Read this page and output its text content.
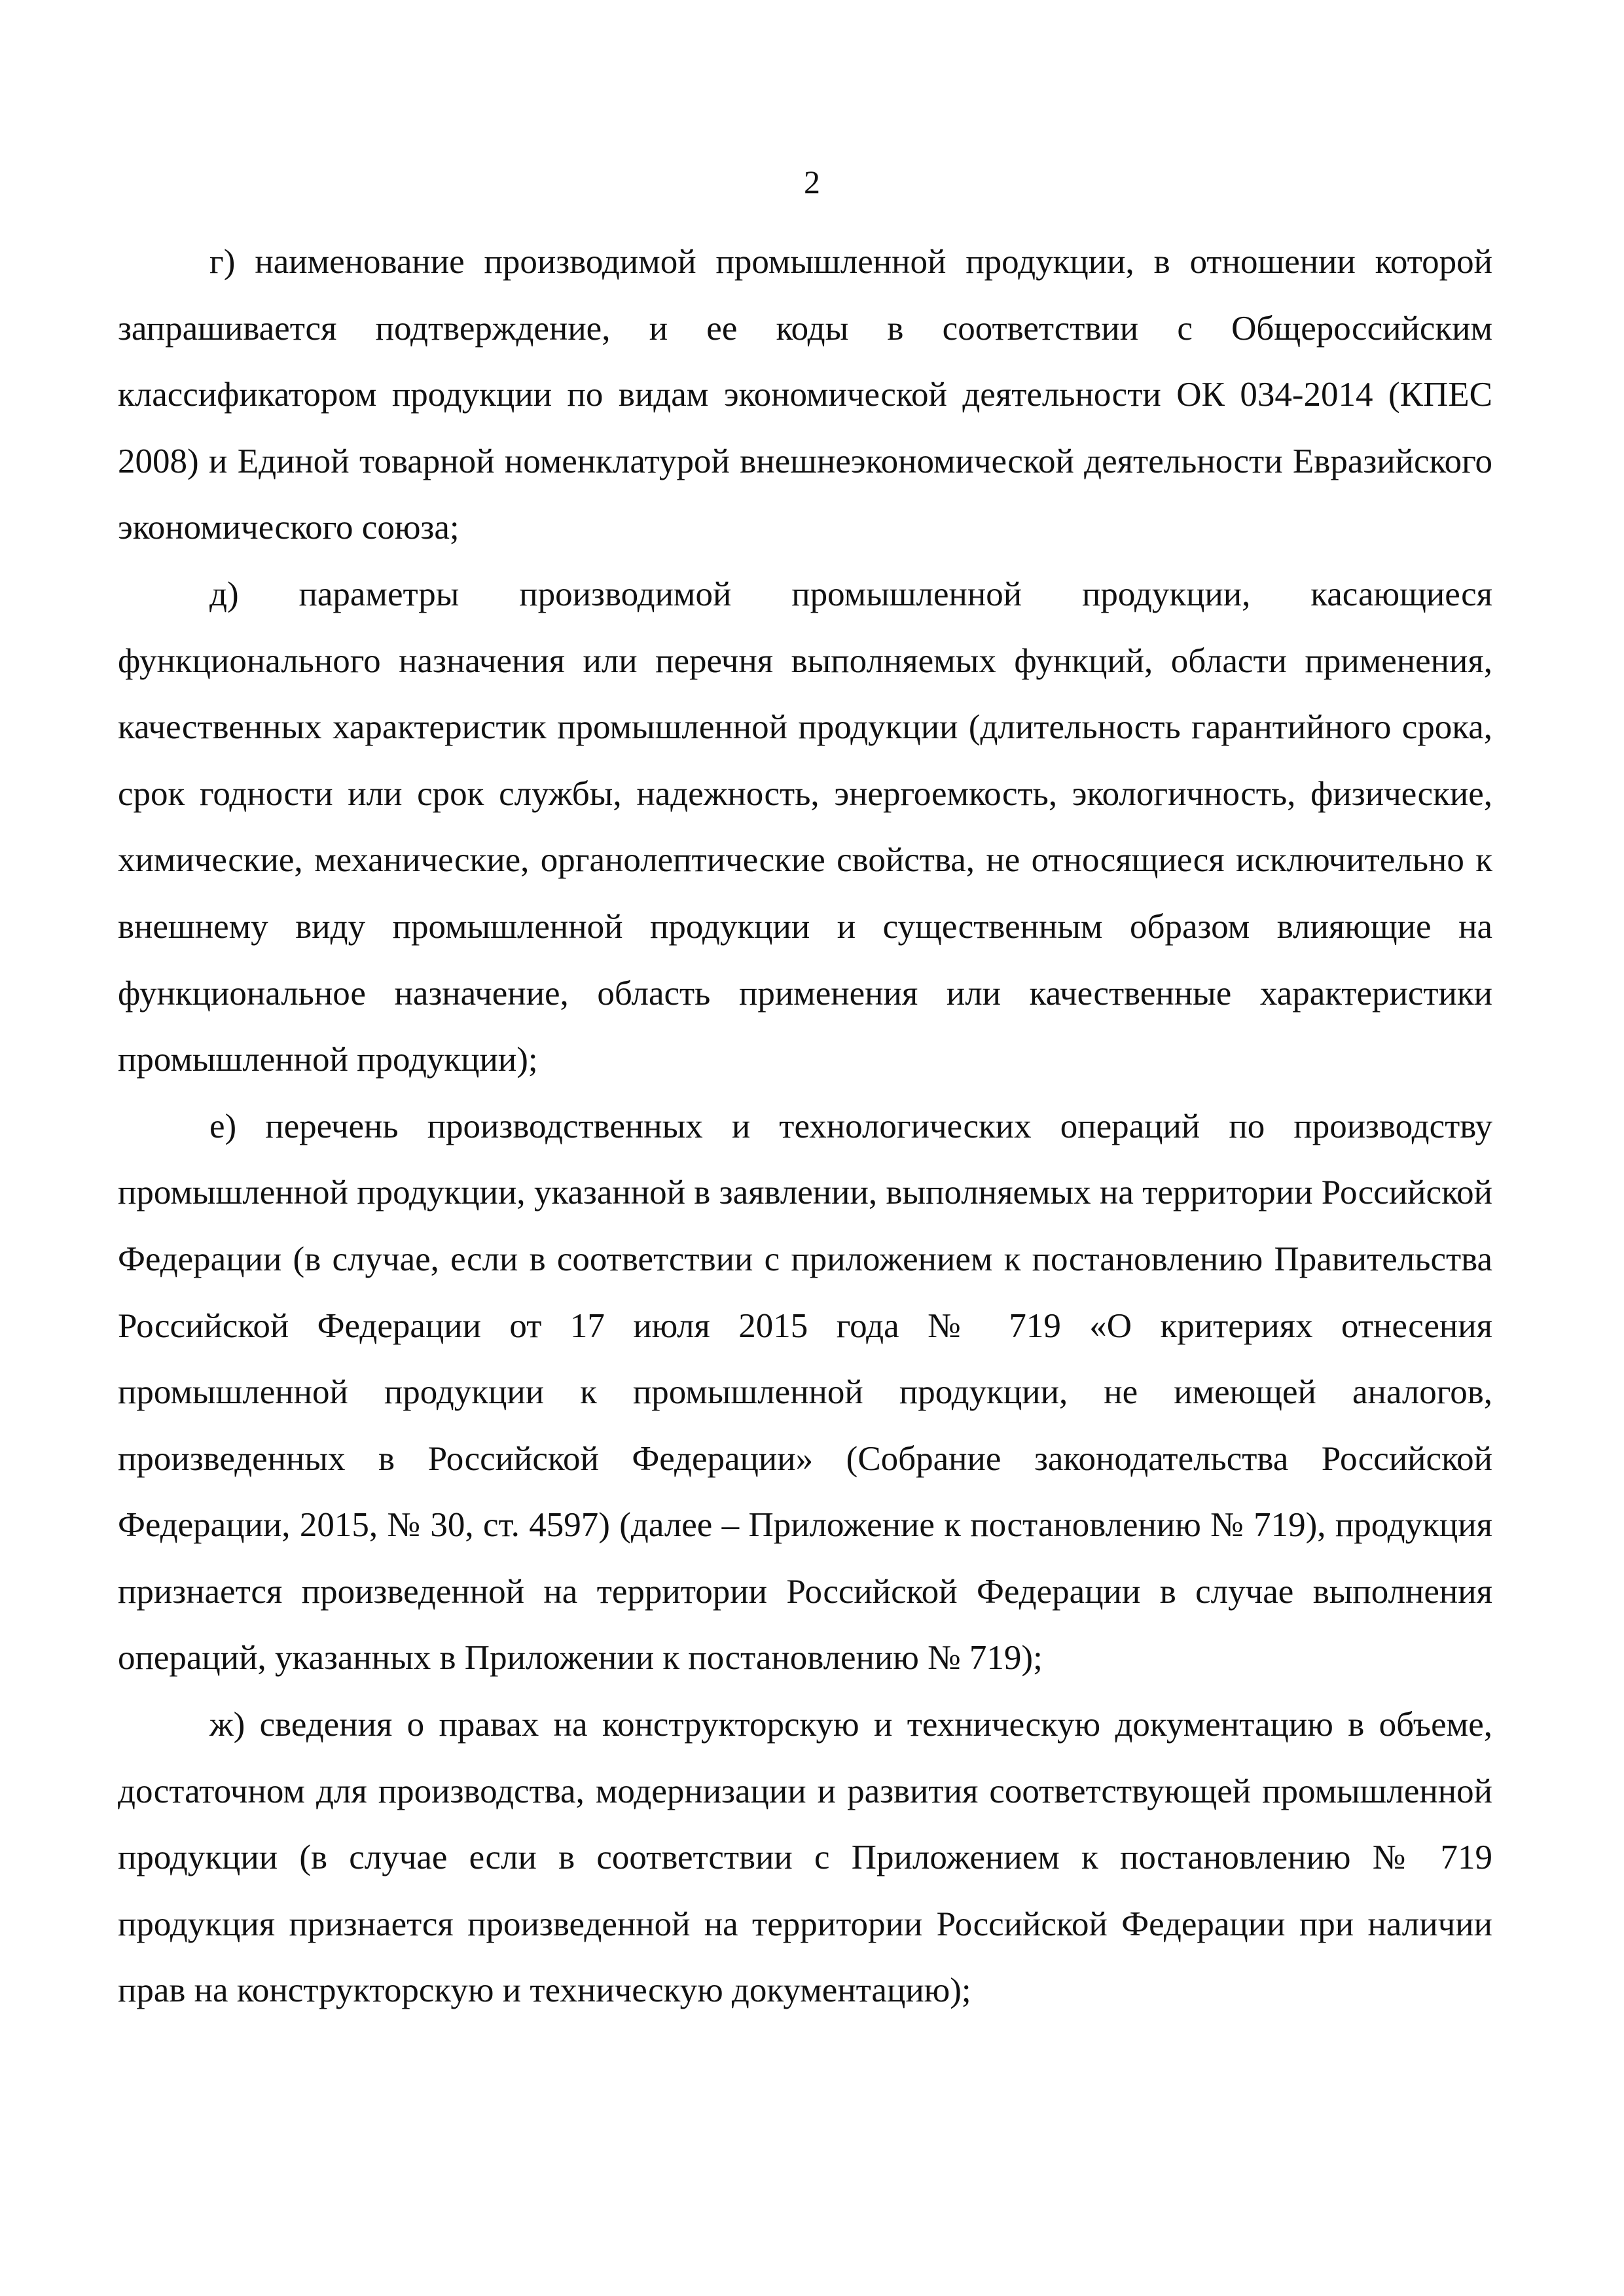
2

г) наименование производимой промышленной продукции, в отношении которой запрашивается подтверждение, и ее коды в соответствии с Общероссийским классификатором продукции по видам экономической деятельности ОК 034-2014 (КПЕС 2008) и Единой товарной номенклатурой внешнеэкономической деятельности Евразийского экономического союза;

д) параметры производимой промышленной продукции, касающиеся функционального назначения или перечня выполняемых функций, области применения, качественных характеристик промышленной продукции (длительность гарантийного срока, срок годности или срок службы, надежность, энергоемкость, экологичность, физические, химические, механические, органолептические свойства, не относящиеся исключительно к внешнему виду промышленной продукции и существенным образом влияющие на функциональное назначение, область применения или качественные характеристики промышленной продукции);

е) перечень производственных и технологических операций по производству промышленной продукции, указанной в заявлении, выполняемых на территории Российской Федерации (в случае, если в соответствии с приложением к постановлению Правительства Российской Федерации от 17 июля 2015 года № 719 «О критериях отнесения промышленной продукции к промышленной продукции, не имеющей аналогов, произведенных в Российской Федерации» (Собрание законодательства Российской Федерации, 2015, № 30, ст. 4597) (далее – Приложение к постановлению № 719), продукция признается произведенной на территории Российской Федерации в случае выполнения операций, указанных в Приложении к постановлению № 719);

ж) сведения о правах на конструкторскую и техническую документацию в объеме, достаточном для производства, модернизации и развития соответствующей промышленной продукции (в случае если в соответствии с Приложением к постановлению № 719 продукция признается произведенной на территории Российской Федерации при наличии прав на конструкторскую и техническую документацию);
